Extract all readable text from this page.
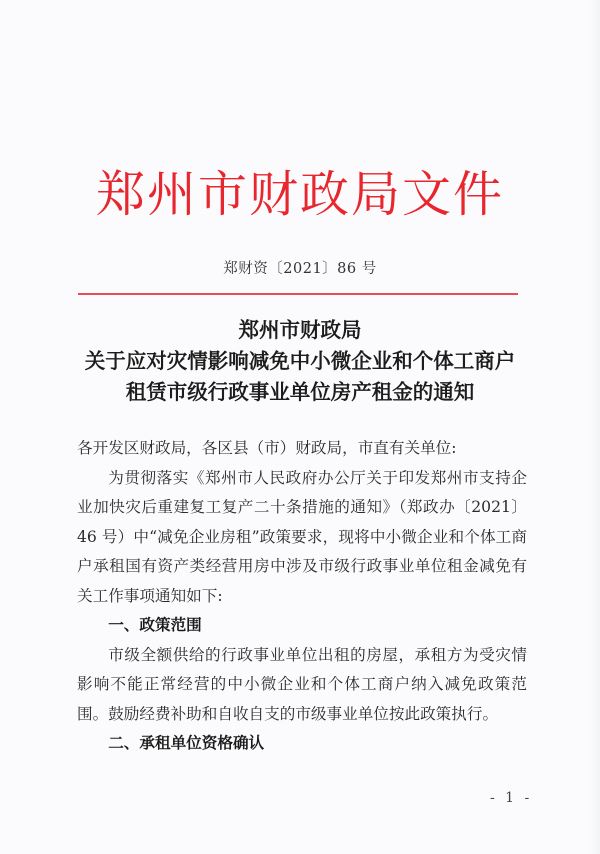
郑州市财政局文件
郑财资〔2021〕86 号
郑州市财政局
关于应对灾情影响减免中小微企业和个体工商户
租赁市级行政事业单位房产租金的通知

各开发区财政局，各区县（市）财政局，市直有关单位:

为贯彻落实《郑州市人民政府办公厅关于印发郑州市支持企业加快灾后重建复工复产二十条措施的通知》（郑政办〔2021〕46 号）中“减免企业房租”政策要求，现将中小微企业和个体工商户承租国有资产类经营用房中涉及市级行政事业单位租金减免有关工作事项通知如下:

一、政策范围

市级全额供给的行政事业单位出租的房屋，承租方为受灾情影响不能正常经营的中小微企业和个体工商户纳入减免政策范围。鼓励经费补助和自收自支的市级事业单位按此政策执行。

二、承租单位资格确认

- 1 -
